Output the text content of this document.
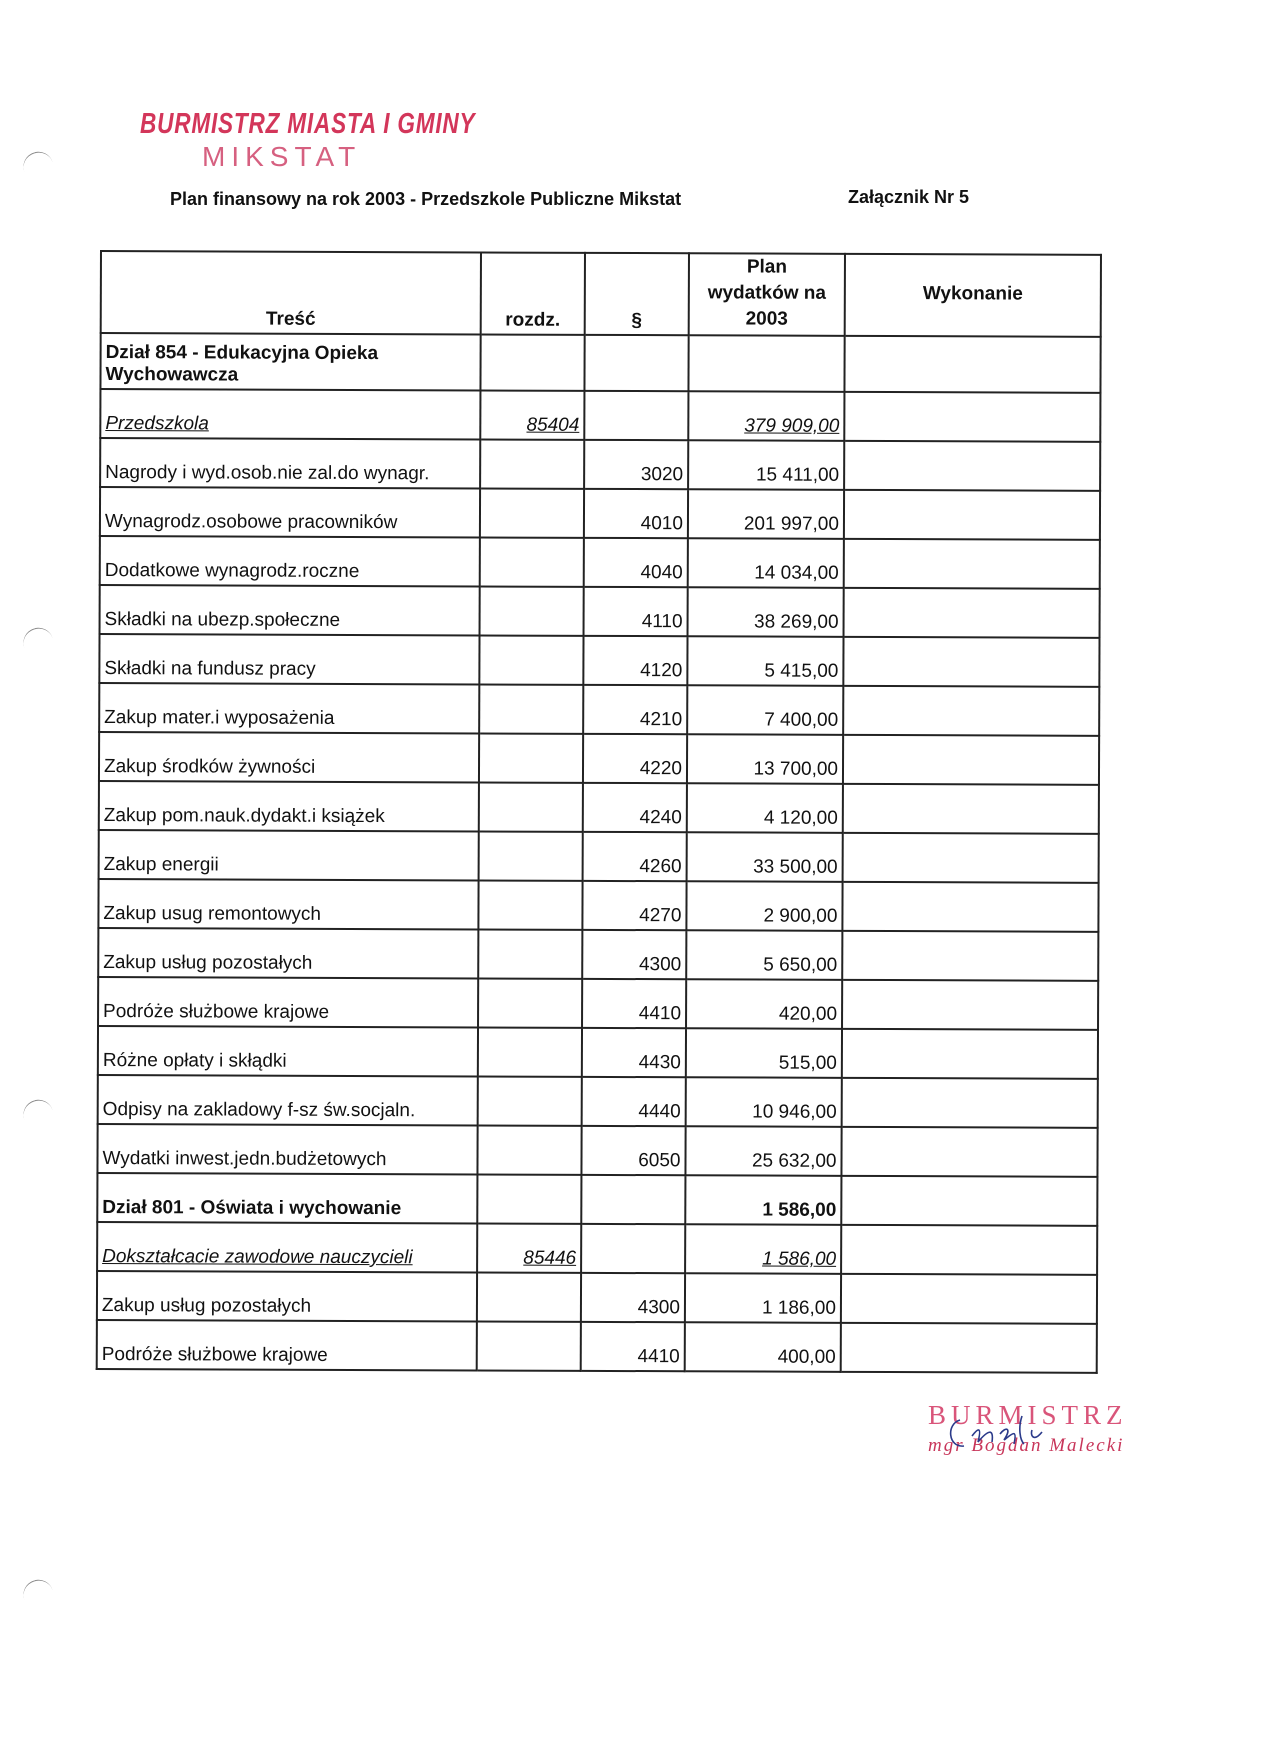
BURMISTRZ MIASTA I GMINY
MIKSTAT
Plan finansowy na rok 2003 - Przedszkole Publiczne Mikstat	Załącznik Nr 5
Treść	rozdz.	§	Plan
wydatków na
2003	Wykonanie
Dział 854 - Edukacyjna Opieka Wychowawcza				
Przedszkola	85404		379 909,00	
Nagrody i wyd.osob.nie zal.do wynagr.		3020	15 411,00	
Wynagrodz.osobowe pracowników		4010	201 997,00	
Dodatkowe wynagrodz.roczne		4040	14 034,00	
Składki na ubezp.społeczne		4110	38 269,00	
Składki na fundusz pracy		4120	5 415,00	
Zakup mater.i wyposażenia		4210	7 400,00	
Zakup środków żywności		4220	13 700,00	
Zakup pom.nauk.dydakt.i książek		4240	4 120,00	
Zakup energii		4260	33 500,00	
Zakup usug remontowych		4270	2 900,00	
Zakup usług pozostałych		4300	5 650,00	
Podróże służbowe krajowe		4410	420,00	
Różne opłaty i skłądki		4430	515,00	
Odpisy na zakladowy f-sz św.socjaln.		4440	10 946,00	
Wydatki inwest.jedn.budżetowych		6050	25 632,00	
Dział 801 - Oświata i wychowanie			1 586,00	
Dokształcacie zawodowe nauczycieli	85446		1 586,00	
Zakup usług pozostałych		4300	1 186,00	
Podróże służbowe krajowe		4410	400,00	
BURMISTRZ
mgr Bogdan Malecki
